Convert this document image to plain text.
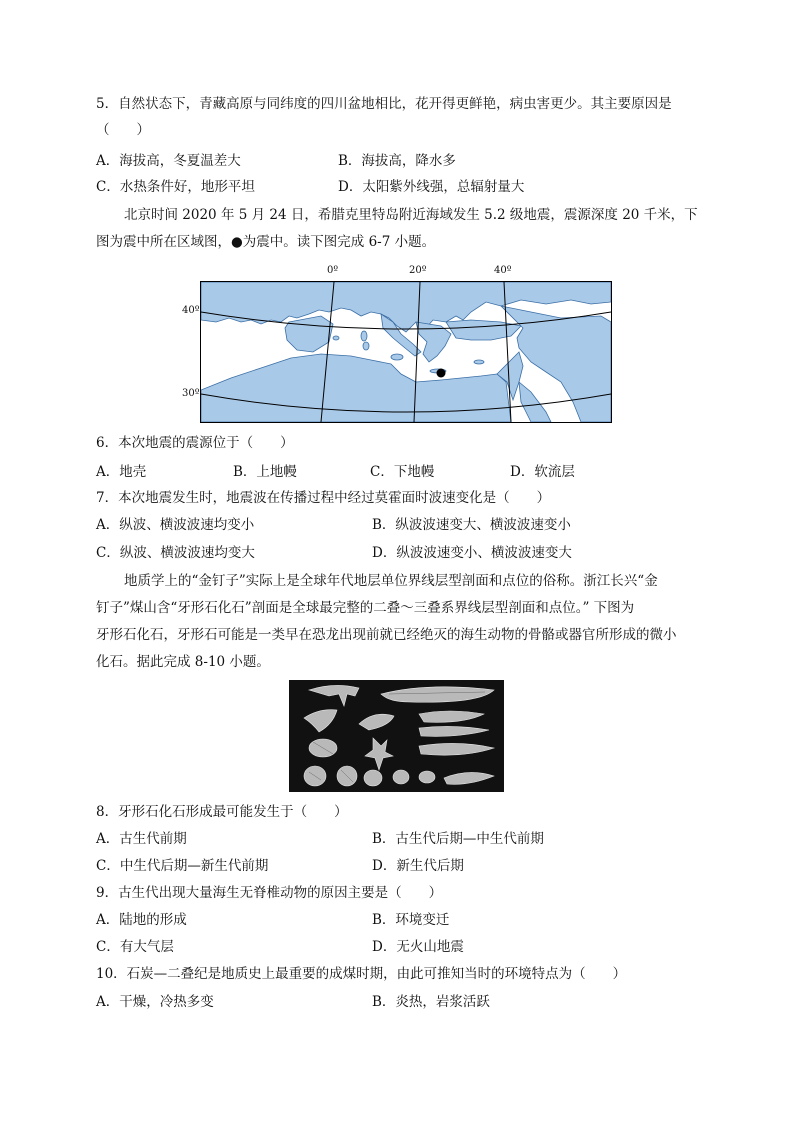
5．自然状态下，青藏高原与同纬度的四川盆地相比，花开得更鲜艳，病虫害更少。其主要原因是
（　　）
A．海拔高，冬夏温差大	B．海拔高，降水多
C．水热条件好，地形平坦	D．太阳紫外线强，总辐射量大
北京时间 2020 年 5 月 24 日，希腊克里特岛附近海域发生 5.2 级地震，震源深度 20 千米，下
图为震中所在区域图，●为震中。读下图完成 6-7 小题。
0º	20º	40º
40º
30º
6．本次地震的震源位于（　　）
A．地壳	B．上地幔	C．下地幔	D．软流层
7．本次地震发生时，地震波在传播过程中经过莫霍面时波速变化是（　　）
A．纵波、横波波速均变小	B．纵波波速变大、横波波速变小
C．纵波、横波波速均变大	D．纵波波速变小、横波波速变大
地质学上的“金钉子”实际上是全球年代地层单位界线层型剖面和点位的俗称。浙江长兴“金
钉子”煤山含“牙形石化石”剖面是全球最完整的二叠～三叠系界线层型剖面和点位。” 下图为
牙形石化石，牙形石可能是一类早在恐龙出现前就已经绝灭的海生动物的骨骼或器官所形成的微小
化石。据此完成 8-10 小题。
8．牙形石化石形成最可能发生于（　　）
A．古生代前期	B．古生代后期—中生代前期
C．中生代后期—新生代前期	D．新生代后期
9．古生代出现大量海生无脊椎动物的原因主要是（　　）
A．陆地的形成	B．环境变迁
C．有大气层	D．无火山地震
10．石炭—二叠纪是地质史上最重要的成煤时期，由此可推知当时的环境特点为（　　）
A．干燥，冷热多变	B．炎热，岩浆活跃
